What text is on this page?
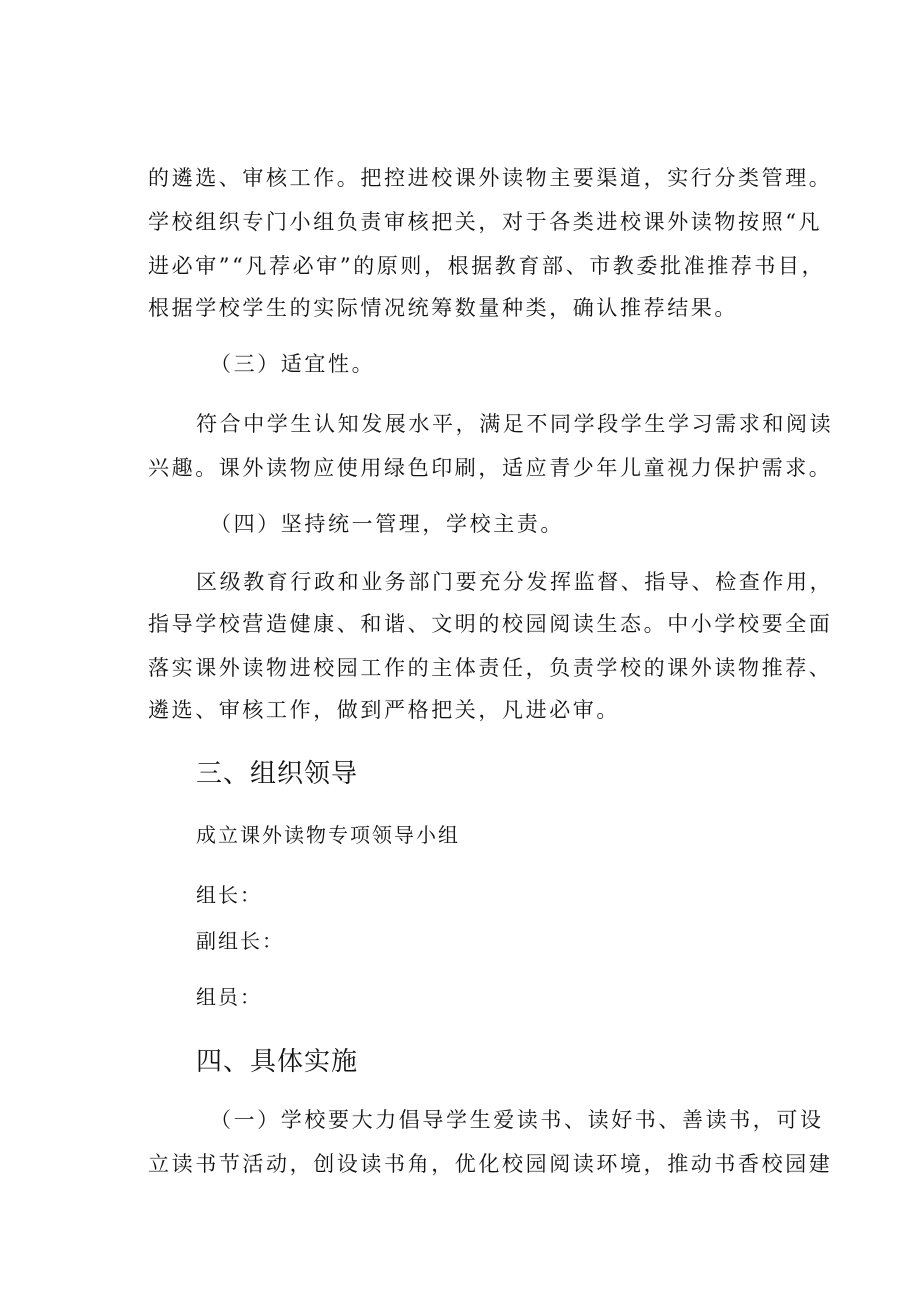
的遴选、审核工作。把控进校课外读物主要渠道，实行分类管理。
学校组织专门小组负责审核把关，对于各类进校课外读物按照“凡
进必审”“凡荐必审”的原则，根据教育部、市教委批准推荐书目，
根据学校学生的实际情况统筹数量种类，确认推荐结果。
（三）适宜性。
符合中学生认知发展水平，满足不同学段学生学习需求和阅读
兴趣。课外读物应使用绿色印刷，适应青少年儿童视力保护需求。
（四）坚持统一管理，学校主责。
区级教育行政和业务部门要充分发挥监督、指导、检查作用，
指导学校营造健康、和谐、文明的校园阅读生态。中小学校要全面
落实课外读物进校园工作的主体责任，负责学校的课外读物推荐、
遴选、审核工作，做到严格把关，凡进必审。
三、组织领导
成立课外读物专项领导小组
组长：
副组长：
组员：
四、具体实施
（一）学校要大力倡导学生爱读书、读好书、善读书，可设
立读书节活动，创设读书角，优化校园阅读环境，推动书香校园建
